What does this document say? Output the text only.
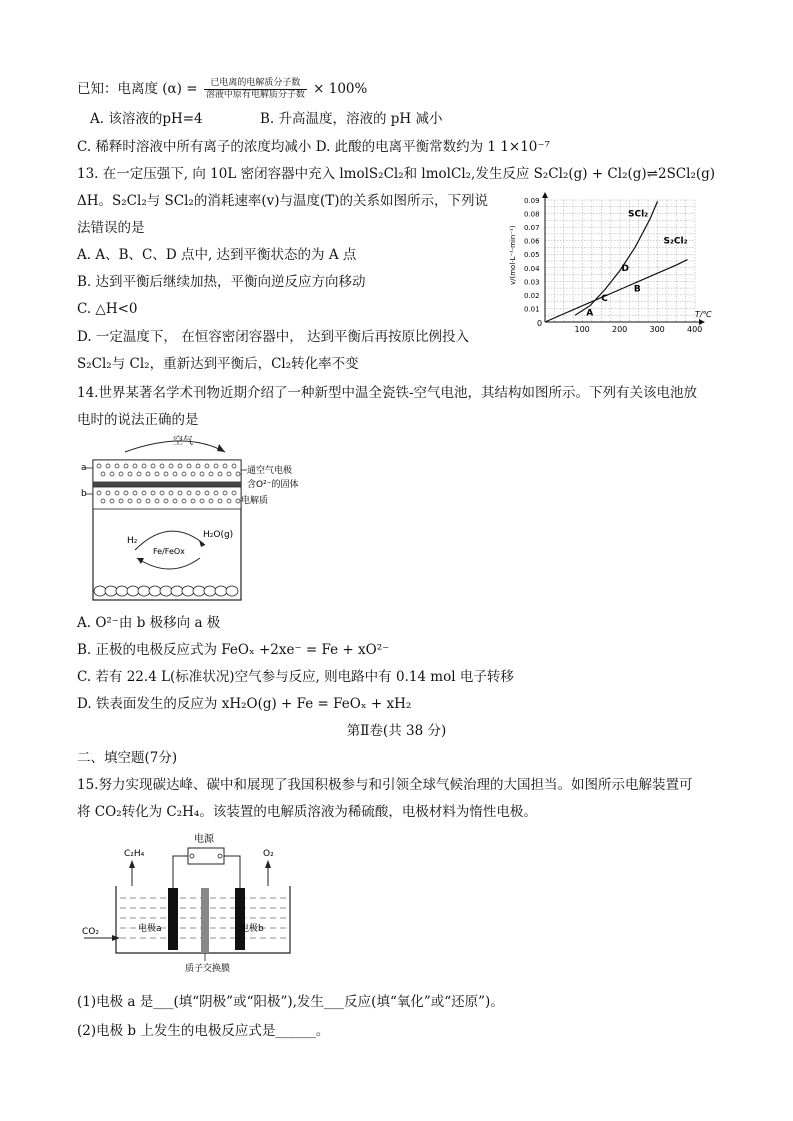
已知：电离度 $(\alpha) = \frac{\text{已电离的电解质分子数}}{\text{溶液中原有电解质分子数}} \times 100\%$
A. 该溶液的pH=4	B. 升高温度，溶液的 pH 减小
C. 稀释时溶液中所有离子的浓度均减小 D. 此酸的电离平衡常数约为 1 1×10⁻⁷
13. 在一定压强下, 向 10L 密闭容器中充入 lmolS₂Cl₂和 lmolCl₂,发生反应 S₂Cl₂(g) + Cl₂(g)⇌2SCl₂(g)
ΔH。S₂Cl₂与 SCl₂的消耗速率(v)与温度(T)的关系如图所示，下列说
法错误的是
A. A、B、C、D 点中, 达到平衡状态的为 A 点
B. 达到平衡后继续加热，平衡向逆反应方向移动
C. △H<0
D. 一定温度下， 在恒容密闭容器中， 达到平衡后再按原比例投入
S₂Cl₂与 Cl₂，重新达到平衡后，Cl₂转化率不变
100	200	300	400
0.01
0.02
0.03
0.04
0.05
0.06
0.07
0.08
0.09
SCl₂
S₂Cl₂
A
B
C
D
v/(mol·L⁻¹·min⁻¹)
T/℃
0
14.世界某著名学术刊物近期介绍了一种新型中温全瓷铁-空气电池，其结构如图所示。下列有关该电池放
电时的说法正确的是
空气
a
b
通空气电极
含O²⁻的固体
电解质
H₂
H₂O(g)
Fe/FeOx
A. O²⁻由 b 极移向 a 极
B. 正极的电极反应式为 FeOₓ +2xe⁻ = Fe + xO²⁻
C. 若有 22.4 L(标准状况)空气参与反应, 则电路中有 0.14 mol 电子转移
D. 铁表面发生的反应为 xH₂O(g) + Fe = FeOₓ + xH₂
第Ⅱ卷(共 38 分)
二、填空题(7分)
15.努力实现碳达峰、碳中和展现了我国积极参与和引领全球气候治理的大国担当。如图所示电解装置可
将 CO₂转化为 C₂H₄。该装置的电解质溶液为稀硫酸，电极材料为惰性电极。
电源
C₂H₄	O₂
CO₂	电极a	电极b
质子交换膜
(1)电极 a 是___(填“阴极”或“阳极”),发生___反应(填“氧化”或“还原”)。
(2)电极 b 上发生的电极反应式是______。
